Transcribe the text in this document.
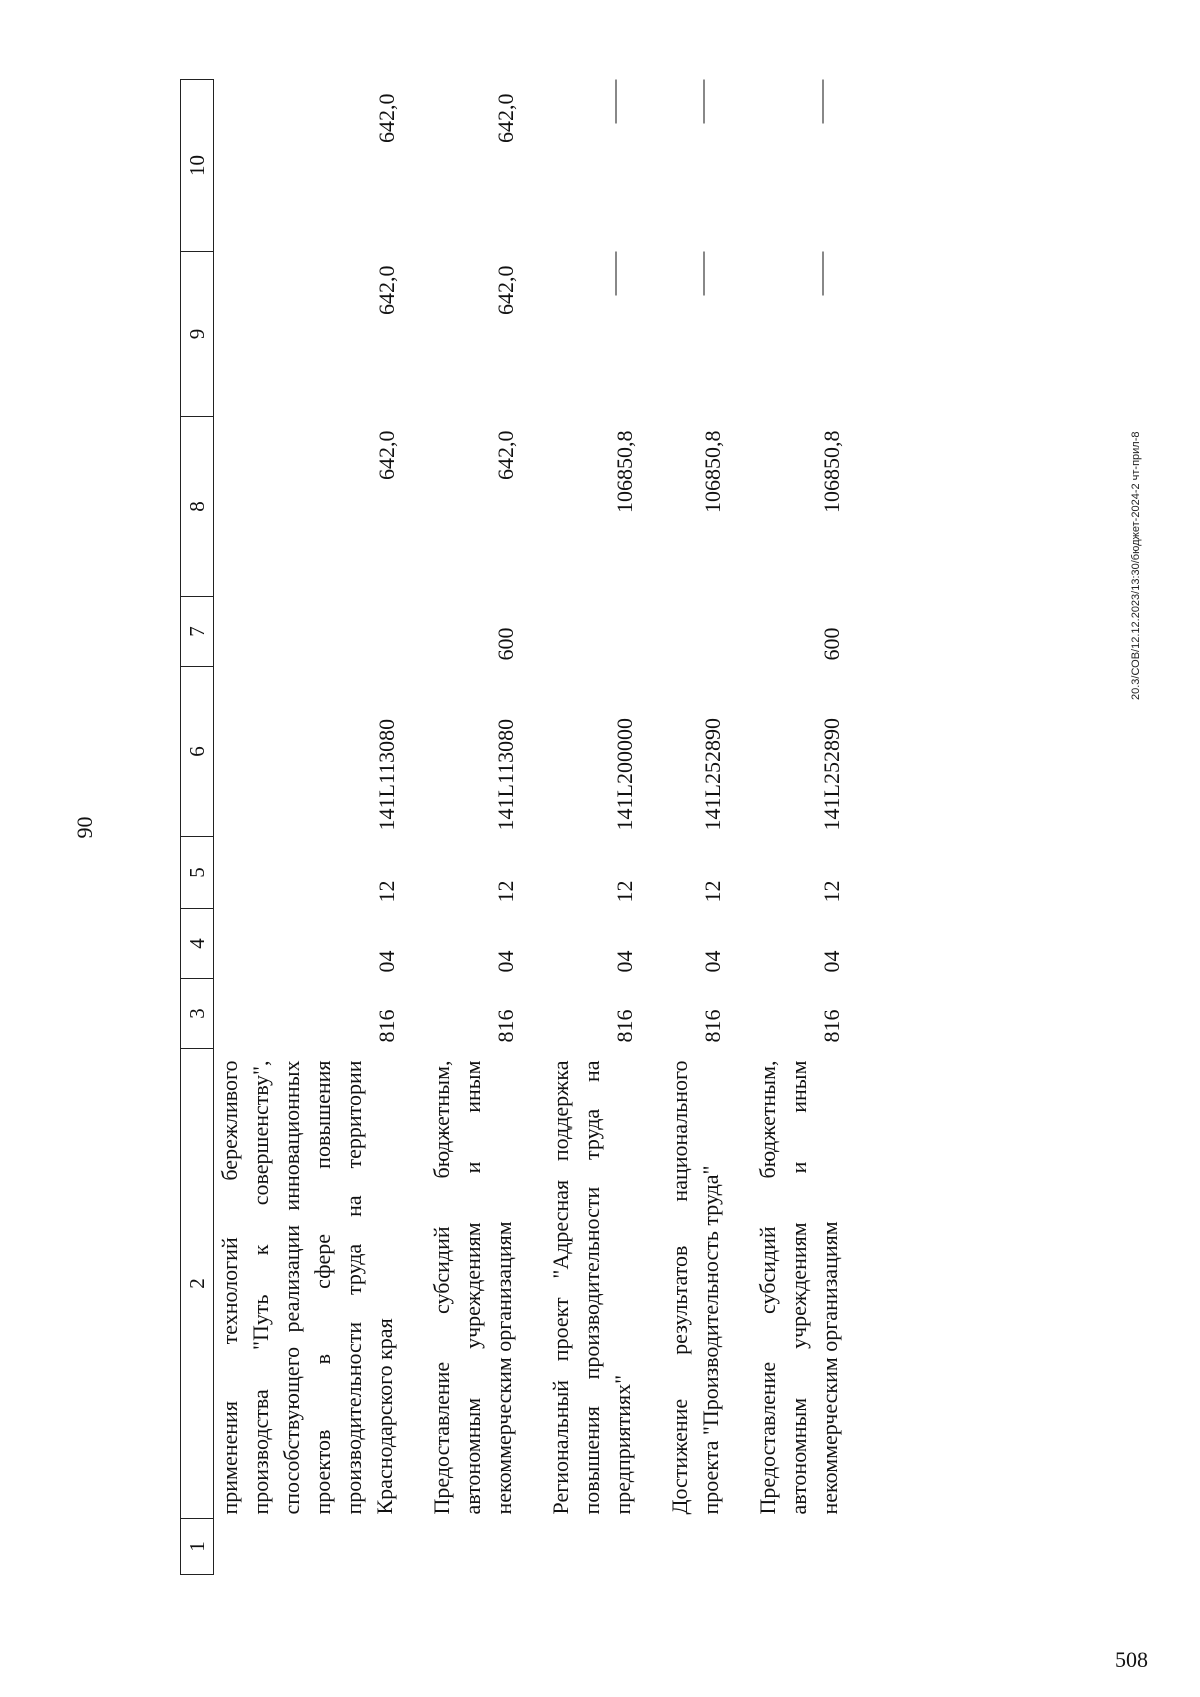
90
1	2	3	4	5	6	7	8	9	10
	применения технологий бережливого производства "Путь к совершенству", способствующего реализации инновационных проектов в сфере повышения производительности труда на территории Краснодарского края	816	04	12	141L113080		642,0	642,0	642,0

	Предоставление субсидий бюджетным, автономным учреждениям и иным некоммерческим организациям	816	04	12	141L113080	600	642,0	642,0	642,0

	Региональный проект "Адресная поддержка повышения производительности труда на предприятиях"	816	04	12	141L200000		106850,8		

	Достижение результатов национального проекта "Производительность труда"	816	04	12	141L252890		106850,8		

	Предоставление субсидий бюджетным, автономным учреждениям и иным некоммерческим организациям	816	04	12	141L252890	600	106850,8			20.3/СОВ/12.12.2023/13:30/бюджет-2024-2 чт-прил-8
508
